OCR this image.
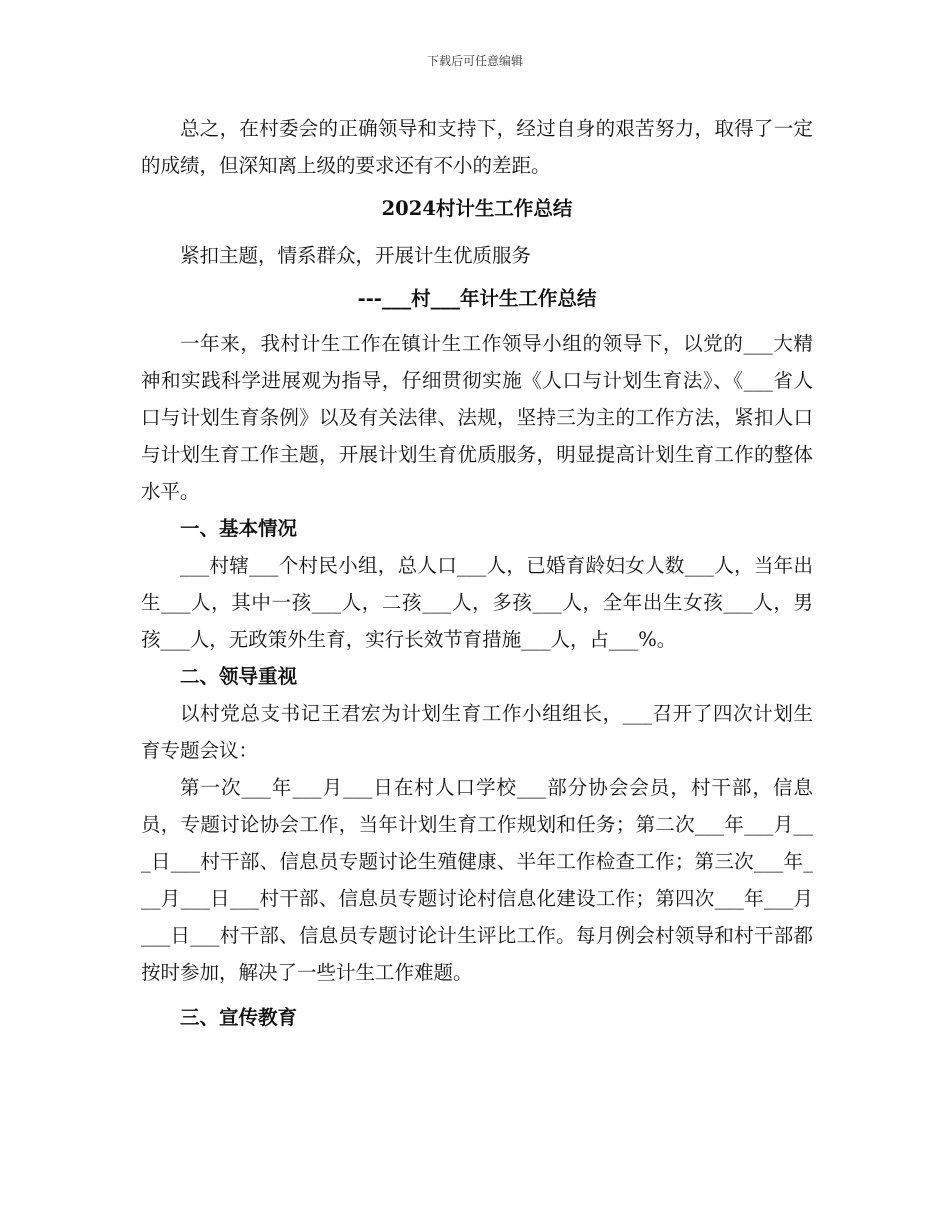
下载后可任意编辑

总之，在村委会的正确领导和支持下，经过自身的艰苦努力，取得了一定的成绩，但深知离上级的要求还有不小的差距。

2024村计生工作总结

紧扣主题，情系群众，开展计生优质服务

---___村___年计生工作总结

一年来，我村计生工作在镇计生工作领导小组的领导下，以党的___大精神和实践科学进展观为指导，仔细贯彻实施《人口与计划生育法》、《___省人口与计划生育条例》以及有关法律、法规，坚持三为主的工作方法，紧扣人口与计划生育工作主题，开展计划生育优质服务，明显提高计划生育工作的整体水平。

一、基本情况

___村辖___个村民小组，总人口___人，已婚育龄妇女人数___人，当年出生___人，其中一孩___人，二孩___人，多孩___人，全年出生女孩___人，男孩___人，无政策外生育，实行长效节育措施___人，占___%。

二、领导重视

以村党总支书记王君宏为计划生育工作小组组长，___召开了四次计划生育专题会议：

第一次___年___月___日在村人口学校___部分协会会员，村干部，信息员，专题讨论协会工作，当年计划生育工作规划和任务；第二次___年___月___日___村干部、信息员专题讨论生殖健康、半年工作检查工作；第三次___年___月___日___村干部、信息员专题讨论村信息化建设工作；第四次___年___月___日___村干部、信息员专题讨论计生评比工作。每月例会村领导和村干部都按时参加，解决了一些计生工作难题。

三、宣传教育
